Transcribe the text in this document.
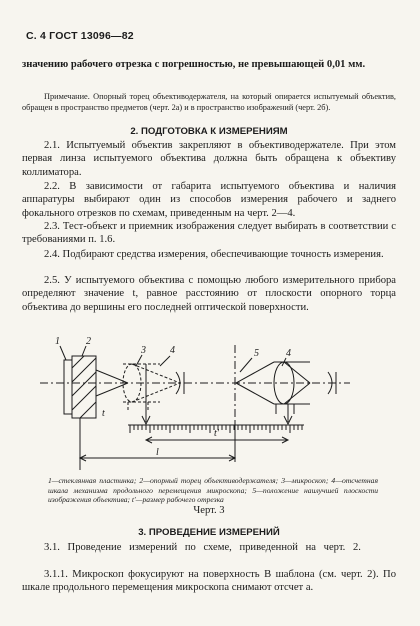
С. 4 ГОСТ 13096—82
значению рабочего отрезка с погрешностью, не превышающей 0,01 мм.
Примечание. Опорный торец объективодержателя, на который опирается испытуемый объектив, обращен в пространство предметов (черт. 2а) и в пространство изображений (черт. 2б).
2. ПОДГОТОВКА К ИЗМЕРЕНИЯМ
2.1. Испытуемый объектив закрепляют в объективодержателе. При этом первая линза испытуемого объектива должна быть обращена к объективу коллиматора.
2.2. В зависимости от габарита испытуемого объектива и наличия аппаратуры выбирают один из способов измерения рабочего и заднего фокального отрезков по схемам, приведенным на черт. 2—4.
2.3. Тест-объект и приемник изображения следует выбирать в соответствии с требованиями п. 1.6.
2.4. Подбирают средства измерения, обеспечивающие точность измерения.
2.5. У испытуемого объектива с помощью любого измерительного прибора определяют значение t, равное расстоянию от плоскости опорного торца объектива до вершины его последней оптической поверхности.
1	2
3 4	5	4
t
t′
l
1—стеклянная пластинка; 2—опорный торец объективодержателя; 3—микроскоп; 4—отсчетная шкала механизма продольного перемещения микроскопа; 5—положение наилучшей плоскости изображения объектива; t′—размер рабочего отрезка
Черт. 3
3. ПРОВЕДЕНИЕ ИЗМЕРЕНИЙ
3.1. Проведение измерений по схеме, приведенной на черт. 2.
3.1.1. Микроскоп фокусируют на поверхность В шаблона (см. черт. 2). По шкале продольного перемещения микроскопа снимают отсчет а.
